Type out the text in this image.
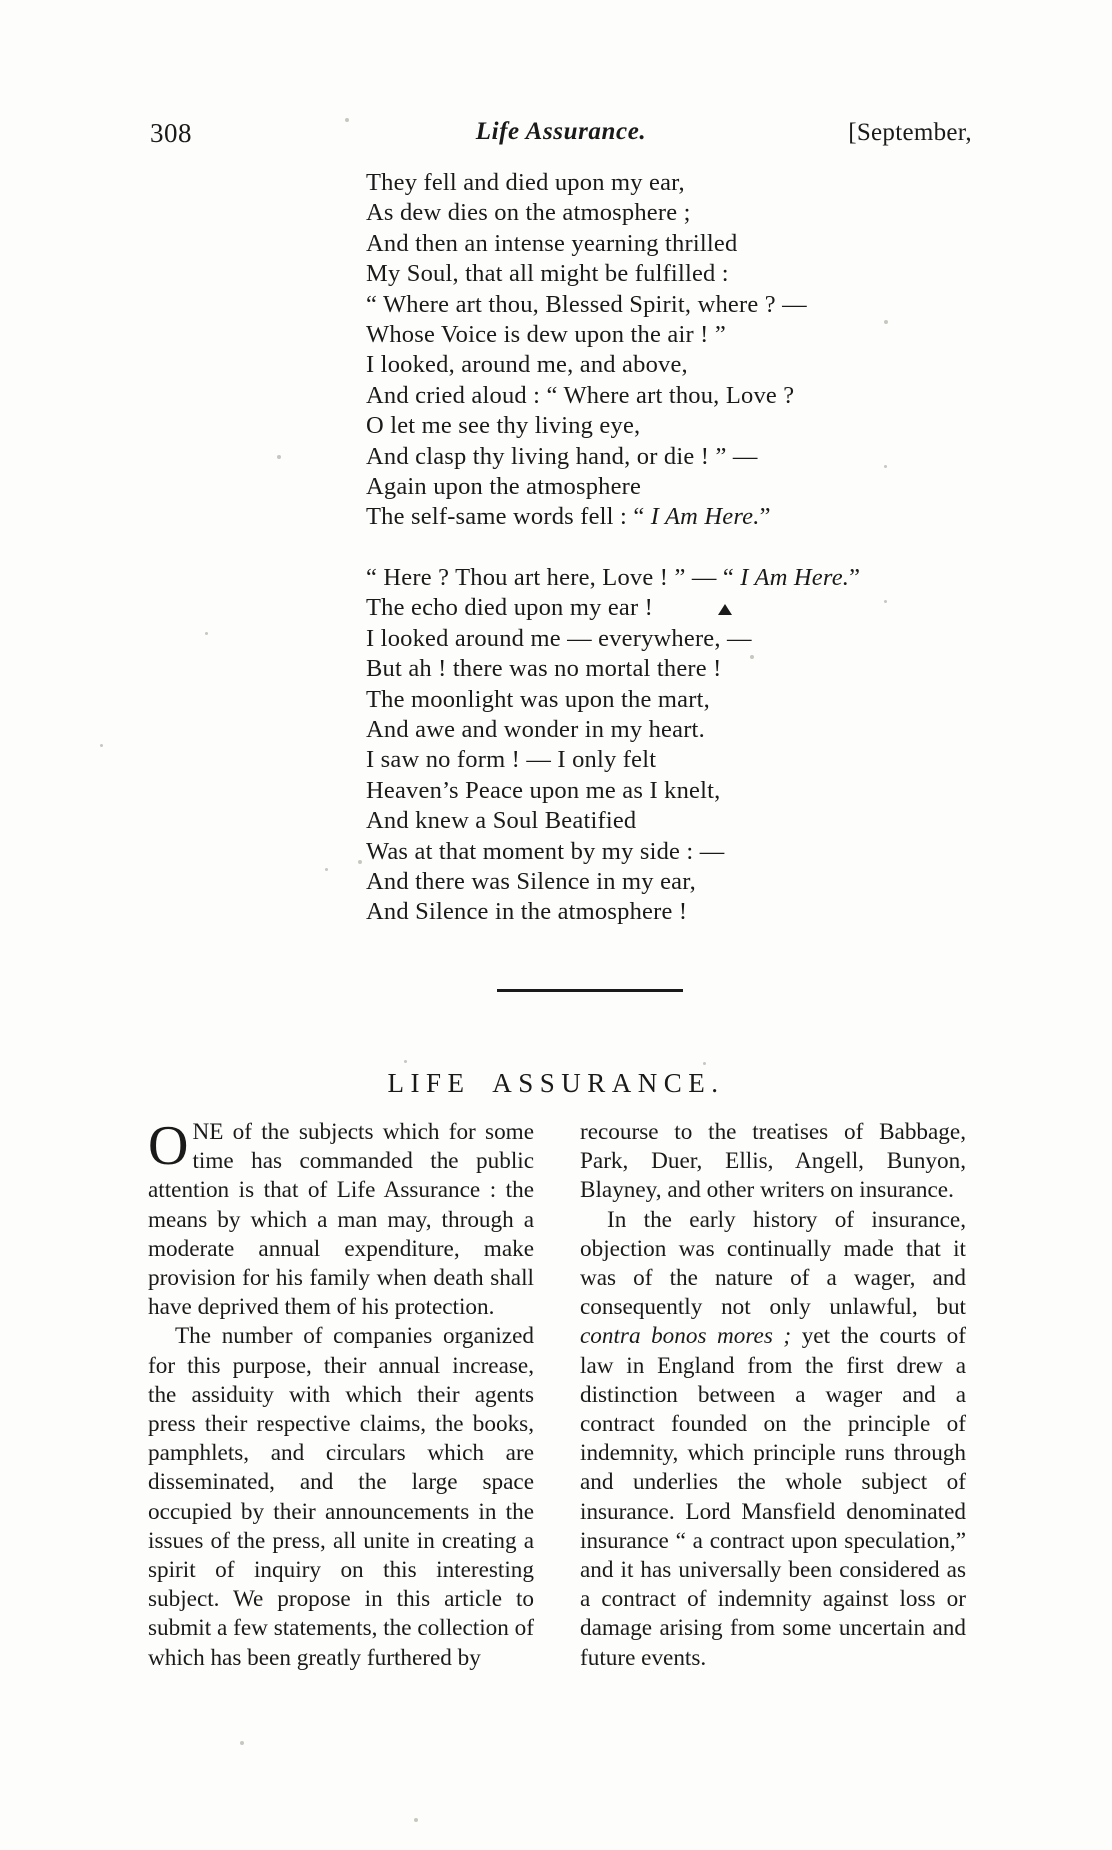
308	Life Assurance.	[September,
They fell and died upon my ear,
As dew dies on the atmosphere ;
And then an intense yearning thrilled
My Soul, that all might be fulfilled :
“ Where art thou, Blessed Spirit, where ? —
Whose Voice is dew upon the air ! ”
I looked, around me, and above,
And cried aloud : “ Where art thou, Love ?
O let me see thy living eye,
And clasp thy living hand, or die ! ” —
Again upon the atmosphere
The self-same words fell : “ I Am Here.”
“ Here ? Thou art here, Love ! ” — “ I Am Here.”
The echo died upon my ear !
I looked around me — everywhere, —
But ah ! there was no mortal there !
The moonlight was upon the mart,
And awe and wonder in my heart.
I saw no form ! — I only felt
Heaven’s Peace upon me as I knelt,
And knew a Soul Beatified
Was at that moment by my side : —
And there was Silence in my ear,
And Silence in the atmosphere !
LIFE ASSURANCE.

ONE of the subjects which for some time has commanded the public attention is that of Life Assurance : the means by which a man may, through a moderate annual expenditure, make provision for his family when death shall have deprived them of his protection.

The number of companies organized for this purpose, their annual increase, the assiduity with which their agents press their respective claims, the books, pamphlets, and circulars which are disseminated, and the large space occupied by their announcements in the issues of the press, all unite in creating a spirit of inquiry on this interesting subject. We propose in this article to submit a few statements, the collection of which has been greatly furthered by

recourse to the treatises of Babbage, Park, Duer, Ellis, Angell, Bunyon, Blayney, and other writers on insurance.

In the early history of insurance, objection was continually made that it was of the nature of a wager, and consequently not only unlawful, but contra bonos mores ; yet the courts of law in England from the first drew a distinction between a wager and a contract founded on the principle of indemnity, which principle runs through and underlies the whole subject of insurance. Lord Mansfield denominated insurance “ a contract upon speculation,” and it has universally been considered as a contract of indemnity against loss or damage arising from some uncertain and future events.
